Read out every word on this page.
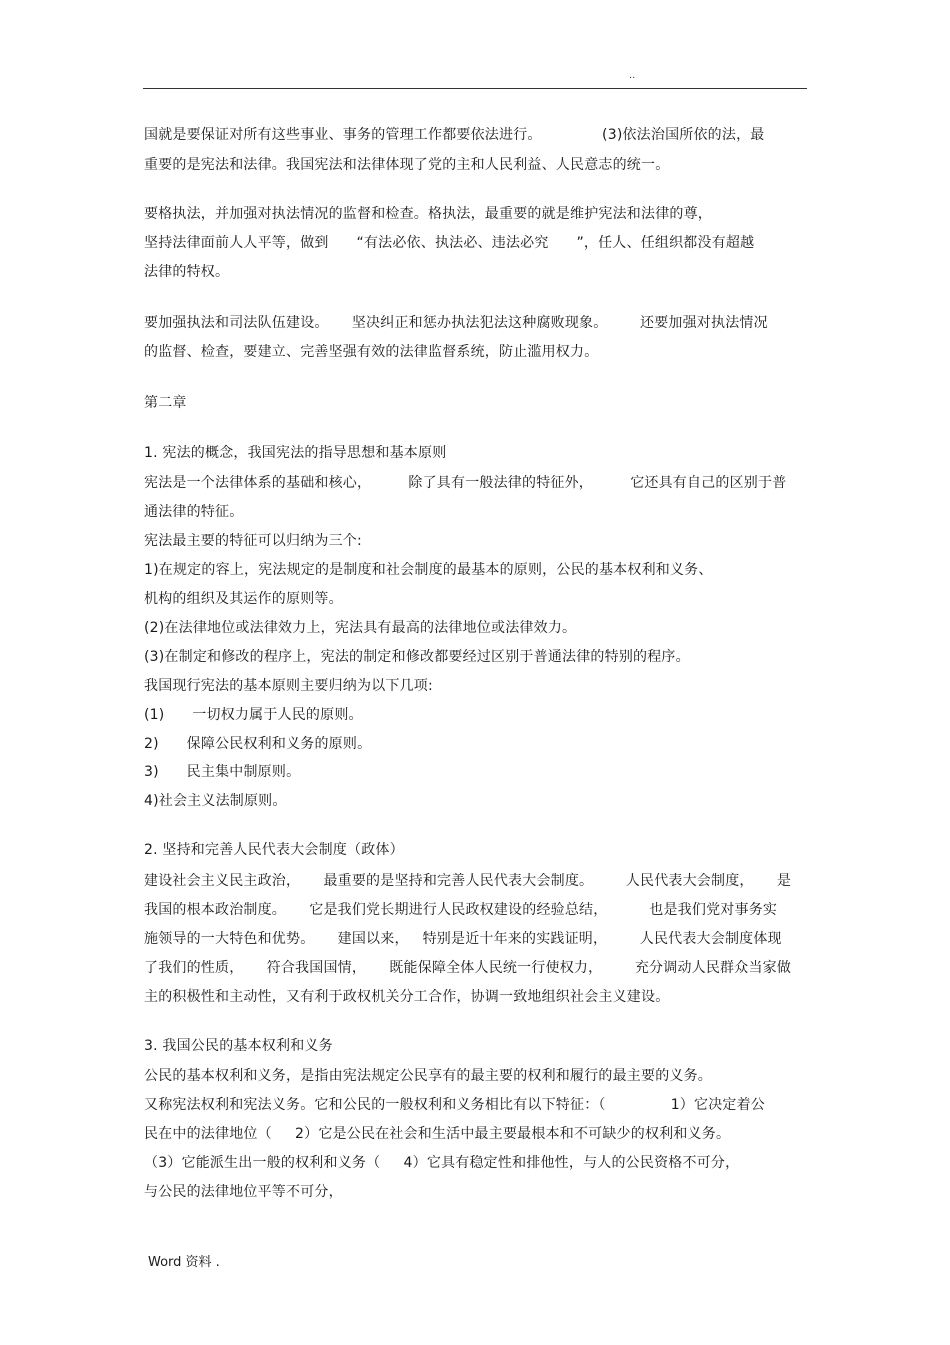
..
国就是要保证对所有这些事业、事务的管理工作都要依法进行。             (3)依法治国所依的法，最
重要的是宪法和法律。我国宪法和法律体现了党的主和人民利益、人民意志的统一。
要格执法，并加强对执法情况的监督和检查。格执法，最重要的就是维护宪法和法律的尊，
坚持法律面前人人平等，做到      “有法必依、执法必、违法必究      ”，任人、任组织都没有超越
法律的特权。
要加强执法和司法队伍建设。     坚决纠正和惩办执法犯法这种腐败现象。       还要加强对执法情况
的监督、检查，要建立、完善坚强有效的法律监督系统，防止滥用权力。
第二章
1. 宪法的概念，我国宪法的指导思想和基本原则
宪法是一个法律体系的基础和核心，        除了具有一般法律的特征外，        它还具有自己的区别于普
通法律的特征。
宪法最主要的特征可以归纳为三个:
1)在规定的容上，宪法规定的是制度和社会制度的最基本的原则，公民的基本权利和义务、
机构的组织及其运作的原则等。
(2)在法律地位或法律效力上，宪法具有最高的法律地位或法律效力。
(3)在制定和修改的程序上，宪法的制定和修改都要经过区别于普通法律的特别的程序。
我国现行宪法的基本原则主要归纳为以下几项:
(1)      一切权力属于人民的原则。
2)      保障公民权利和义务的原则。
3)      民主集中制原则。
4)社会主义法制原则。
2. 坚持和完善人民代表大会制度（政体）
建设社会主义民主政治，     最重要的是坚持和完善人民代表大会制度。       人民代表大会制度，     是
我国的根本政治制度。     它是我们党长期进行人民政权建设的经验总结，         也是我们党对事务实
施领导的一大特色和优势。     建国以来，   特别是近十年来的实践证明，       人民代表大会制度体现
了我们的性质，     符合我国国情，     既能保障全体人民统一行使权力，       充分调动人民群众当家做
主的积极性和主动性，又有利于政权机关分工合作，协调一致地组织社会主义建设。
3. 我国公民的基本权利和义务
公民的基本权利和义务，是指由宪法规定公民享有的最主要的权利和履行的最主要的义务。
又称宪法权利和宪法义务。它和公民的一般权利和义务相比有以下特征：（              1）它决定着公
民在中的法律地位（     2）它是公民在社会和生活中最主要最根本和不可缺少的权利和义务。
（3）它能派生出一般的权利和义务（     4）它具有稳定性和排他性，与人的公民资格不可分，
与公民的法律地位平等不可分，
Word 资料 .
